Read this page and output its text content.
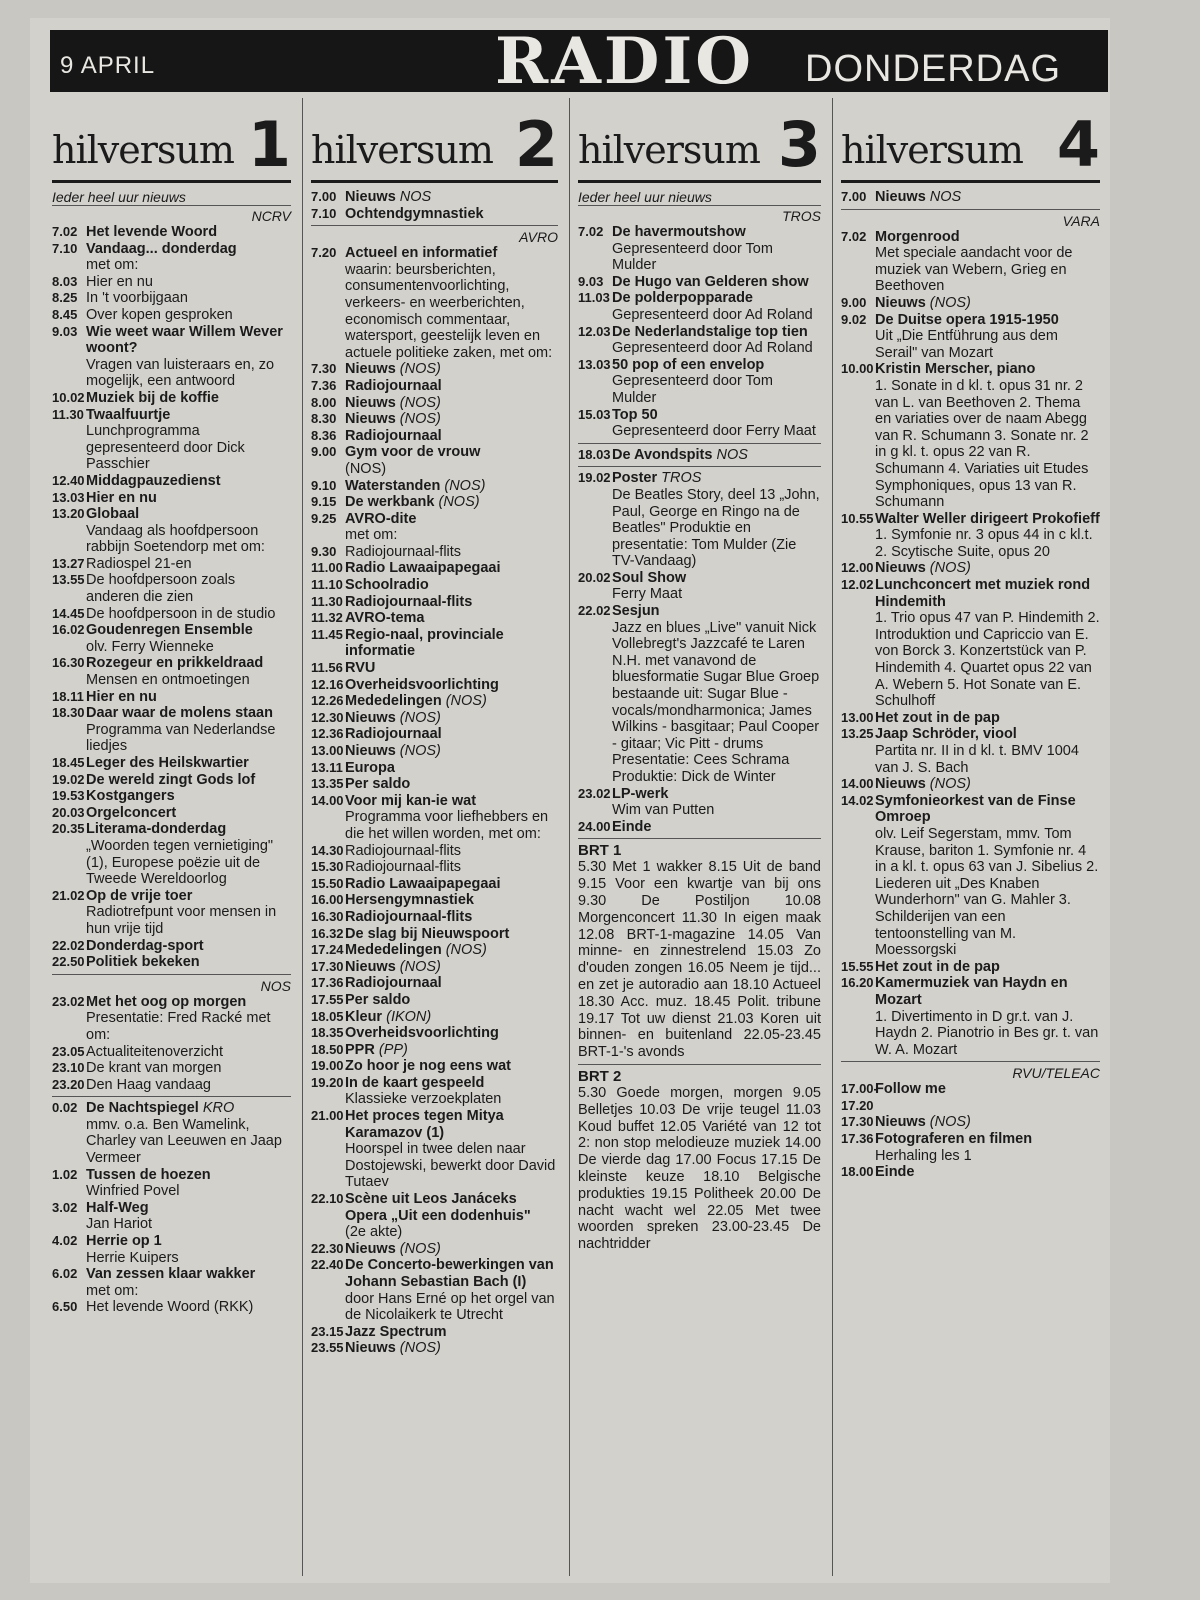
9 APRIL	RADIO DONDERDAG
hilversum 1
Ieder heel uur nieuws
NCRV
7.02 Het levende Woord
7.10 Vandaag... donderdag
met om:
8.03 Hier en nu
8.25 In 't voorbijgaan
8.45 Over kopen gesproken
9.03 Wie weet waar Willem Wever woont?
Vragen van luisteraars en, zo mogelijk, een antwoord
10.02 Muziek bij de koffie
11.30 Twaalfuurtje
Lunchprogramma gepresenteerd door Dick Passchier
12.40 Middagpauzedienst
13.03 Hier en nu
13.20 Globaal
Vandaag als hoofdpersoon rabbijn Soetendorp met om:
13.27 Radiospel 21-en
13.55 De hoofdpersoon zoals anderen die zien
14.45 De hoofdpersoon in de studio
16.02 Goudenregen Ensemble
olv. Ferry Wienneke
16.30 Rozegeur en prikkeldraad
Mensen en ontmoetingen
18.11 Hier en nu
18.30 Daar waar de molens staan
Programma van Nederlandse liedjes
18.45 Leger des Heilskwartier
19.02 De wereld zingt Gods lof
19.53 Kostgangers
20.03 Orgelconcert
20.35 Literama-donderdag
„Woorden tegen vernietiging" (1), Europese poëzie uit de Tweede Wereldoorlog
21.02 Op de vrije toer
Radiotrefpunt voor mensen in hun vrije tijd
22.02 Donderdag-sport
22.50 Politiek bekeken
NOS
23.02 Met het oog op morgen
Presentatie: Fred Racké met om:
23.05 Actualiteitenoverzicht
23.10 De krant van morgen
23.20 Den Haag vandaag
0.02 De Nachtspiegel KRO
mmv. o.a. Ben Wamelink, Charley van Leeuwen en Jaap Vermeer
1.02 Tussen de hoezen
Winfried Povel
3.02 Half-Weg
Jan Hariot
4.02 Herrie op 1
Herrie Kuipers
6.02 Van zessen klaar wakker
met om:
6.50 Het levende Woord (RKK)
hilversum 2
7.00 Nieuws NOS
7.10 Ochtendgymnastiek
AVRO
7.20 Actueel en informatief
waarin: beursberichten, consumentenvoorlichting, verkeers- en weerberichten, economisch commentaar, watersport, geestelijk leven en actuele politieke zaken, met om:
7.30 Nieuws (NOS)
7.36 Radiojournaal
8.00 Nieuws (NOS)
8.30 Nieuws (NOS)
8.36 Radiojournaal
9.00 Gym voor de vrouw
(NOS)
9.10 Waterstanden (NOS)
9.15 De werkbank (NOS)
9.25 AVRO-dite
met om:
9.30 Radiojournaal-flits
11.00 Radio Lawaaipapegaai
11.10 Schoolradio
11.30 Radiojournaal-flits
11.32 AVRO-tema
11.45 Regio-naal, provinciale informatie
11.56 RVU
12.16 Overheidsvoorlichting
12.26 Mededelingen (NOS)
12.30 Nieuws (NOS)
12.36 Radiojournaal
13.00 Nieuws (NOS)
13.11 Europa
13.35 Per saldo
14.00 Voor mij kan-ie wat
Programma voor liefhebbers en die het willen worden, met om:
14.30 Radiojournaal-flits
15.30 Radiojournaal-flits
15.50 Radio Lawaaipapegaai
16.00 Hersengymnastiek
16.30 Radiojournaal-flits
16.32 De slag bij Nieuwspoort
17.24 Mededelingen (NOS)
17.30 Nieuws (NOS)
17.36 Radiojournaal
17.55 Per saldo
18.05 Kleur (IKON)
18.35 Overheidsvoorlichting
18.50 PPR (PP)
19.00 Zo hoor je nog eens wat
19.20 In de kaart gespeeld
Klassieke verzoekplaten
21.00 Het proces tegen Mitya Karamazov (1)
Hoorspel in twee delen naar Dostojewski, bewerkt door David Tutaev
22.10 Scène uit Leos Janáceks Opera „Uit een dodenhuis"
(2e akte)
22.30 Nieuws (NOS)
22.40 De Concerto-bewerkingen van Johann Sebastian Bach (I)
door Hans Erné op het orgel van de Nicolaikerk te Utrecht
23.15 Jazz Spectrum
23.55 Nieuws (NOS)
hilversum 3
Ieder heel uur nieuws
TROS
7.02 De havermoutshow
Gepresenteerd door Tom Mulder
9.03 De Hugo van Gelderen show
11.03 De polderpopparade
Gepresenteerd door Ad Roland
12.03 De Nederlandstalige top tien
Gepresenteerd door Ad Roland
13.03 50 pop of een envelop
Gepresenteerd door Tom Mulder
15.03 Top 50
Gepresenteerd door Ferry Maat
18.03 De Avondspits NOS
19.02 Poster TROS
De Beatles Story, deel 13 „John, Paul, George en Ringo na de Beatles" Produktie en presentatie: Tom Mulder (Zie TV-Vandaag)
20.02 Soul Show
Ferry Maat
22.02 Sesjun
Jazz en blues „Live" vanuit Nick Vollebregt's Jazzcafé te Laren N.H. met vanavond de bluesformatie Sugar Blue Groep bestaande uit: Sugar Blue - vocals/mondharmonica; James Wilkins - basgitaar; Paul Cooper - gitaar; Vic Pitt - drums Presentatie: Cees Schrama Produktie: Dick de Winter
23.02 LP-werk
Wim van Putten
24.00 Einde
BRT 1

5.30 Met 1 wakker 8.15 Uit de band 9.15 Voor een kwartje van bij ons 9.30 De Postiljon 10.08 Morgenconcert 11.30 In eigen maak 12.08 BRT-1-magazine 14.05 Van minne- en zinnestrelend 15.03 Zo d'ouden zongen 16.05 Neem je tijd... en zet je autoradio aan 18.10 Actueel 18.30 Acc. muz. 18.45 Polit. tribune 19.17 Tot uw dienst 21.03 Koren uit binnen- en buitenland 22.05-23.45 BRT-1-'s avonds

BRT 2

5.30 Goede morgen, morgen 9.05 Belletjes 10.03 De vrije teugel 11.03 Koud buffet 12.05 Variété van 12 tot 2: non stop melodieuze muziek 14.00 De vierde dag 17.00 Focus 17.15 De kleinste keuze 18.10 Belgische produkties 19.15 Politheek 20.00 De nacht wacht wel 22.05 Met twee woorden spreken 23.00-23.45 De nachtridder

hilversum 4
7.00 Nieuws NOS
VARA
7.02 Morgenrood
Met speciale aandacht voor de muziek van Webern, Grieg en Beethoven
9.00 Nieuws (NOS)
9.02 De Duitse opera 1915-1950
Uit „Die Entführung aus dem Serail" van Mozart
10.00 Kristin Merscher, piano
1. Sonate in d kl. t. opus 31 nr. 2 van L. van Beethoven 2. Thema en variaties over de naam Abegg van R. Schumann 3. Sonate nr. 2 in g kl. t. opus 22 van R. Schumann 4. Variaties uit Etudes Symphoniques, opus 13 van R. Schumann
10.55 Walter Weller dirigeert Prokofieff
1. Symfonie nr. 3 opus 44 in c kl.t. 2. Scytische Suite, opus 20
12.00 Nieuws (NOS)
12.02 Lunchconcert met muziek rond Hindemith
1. Trio opus 47 van P. Hindemith 2. Introduktion und Capriccio van E. von Borck 3. Konzertstück van P. Hindemith 4. Quartet opus 22 van A. Webern 5. Hot Sonate van E. Schulhoff
13.00 Het zout in de pap
13.25 Jaap Schröder, viool
Partita nr. II in d kl. t. BMV 1004 van J. S. Bach
14.00 Nieuws (NOS)
14.02 Symfonieorkest van de Finse Omroep
olv. Leif Segerstam, mmv. Tom Krause, bariton 1. Symfonie nr. 4 in a kl. t. opus 63 van J. Sibelius 2. Liederen uit „Des Knaben Wunderhorn" van G. Mahler 3. Schilderijen van een tentoonstelling van M. Moessorgski
15.55 Het zout in de pap
16.20 Kamermuziek van Haydn en Mozart
1. Divertimento in D gr.t. van J. Haydn 2. Pianotrio in Bes gr. t. van W. A. Mozart
RVU/TELEAC
17.00-17.20
Follow me
17.30 Nieuws (NOS)
17.36 Fotograferen en filmen
Herhaling les 1
18.00 Einde
